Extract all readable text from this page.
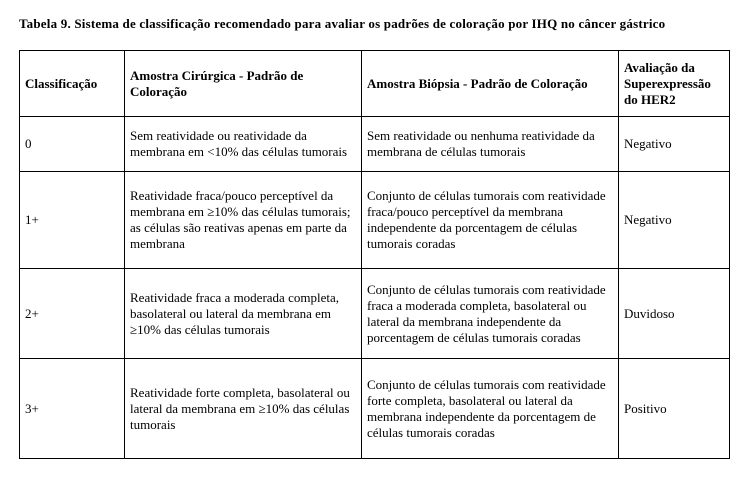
Tabela 9. Sistema de classificação recomendado para avaliar os padrões de coloração por IHQ no câncer gástrico
Classificação	Amostra Cirúrgica - Padrão de Coloração	Amostra Biópsia - Padrão de Coloração	Avaliação da Superexpressão do HER2
0	Sem reatividade ou reatividade da membrana em <10% das células tumorais	Sem reatividade ou nenhuma reatividade da membrana de células tumorais	Negativo
1+	Reatividade fraca/pouco perceptível da membrana em ≥10% das células tumorais; as células são reativas apenas em parte da membrana	Conjunto de células tumorais com reatividade fraca/pouco perceptível da membrana independente da porcentagem de células tumorais coradas	Negativo
2+	Reatividade fraca a moderada completa, basolateral ou lateral da membrana em ≥10% das células tumorais	Conjunto de células tumorais com reatividade fraca a moderada completa, basolateral ou lateral da membrana independente da porcentagem de células tumorais coradas	Duvidoso
3+	Reatividade forte completa, basolateral ou lateral da membrana em ≥10% das células tumorais	Conjunto de células tumorais com reatividade forte completa, basolateral ou lateral da membrana independente da porcentagem de células tumorais coradas	Positivo
